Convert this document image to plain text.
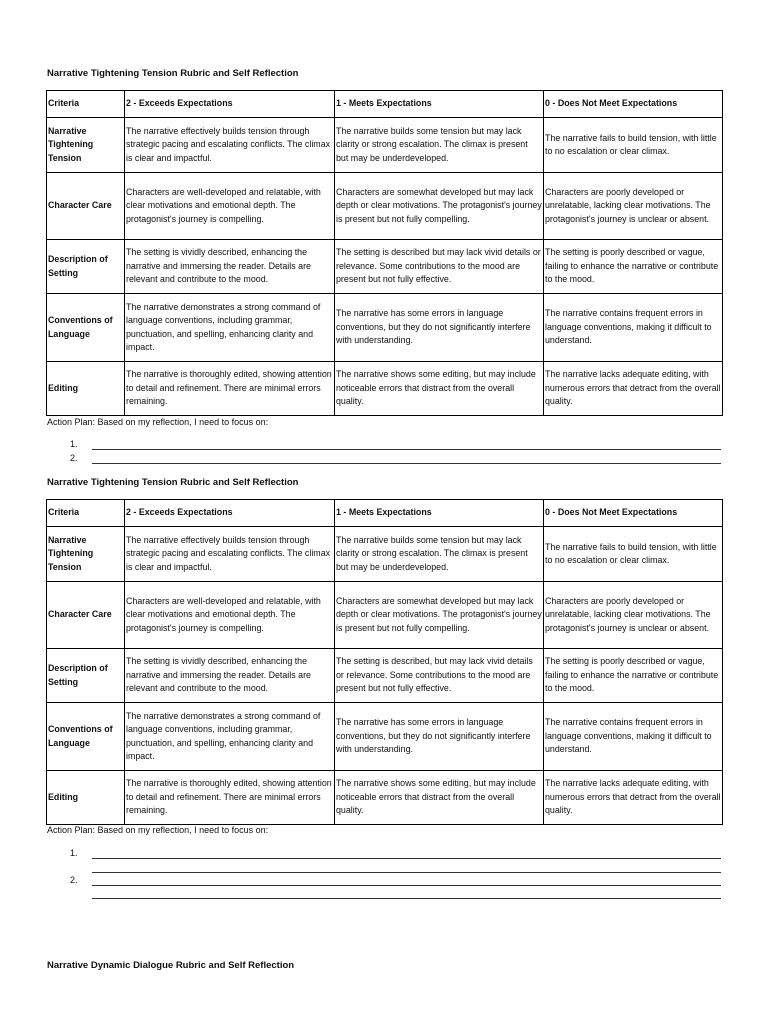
Narrative Tightening Tension Rubric and Self Reflection

Criteria	2 - Exceeds Expectations	1 - Meets Expectations	0 - Does Not Meet Expectations
Narrative Tightening Tension	The narrative effectively builds tension through strategic pacing and escalating conflicts. The climax is clear and impactful.	The narrative builds some tension but may lack clarity or strong escalation. The climax is present but may be underdeveloped.	The narrative fails to build tension, with little to no escalation or clear climax.
Character Care	Characters are well-developed and relatable, with clear motivations and emotional depth. The protagonist's journey is compelling.	Characters are somewhat developed but may lack depth or clear motivations. The protagonist's journey is present but not fully compelling.	Characters are poorly developed or unrelatable, lacking clear motivations. The protagonist's journey is unclear or absent.
Description of Setting	The setting is vividly described, enhancing the narrative and immersing the reader. Details are relevant and contribute to the mood.	The setting is described but may lack vivid details or relevance. Some contributions to the mood are present but not fully effective.	The setting is poorly described or vague, failing to enhance the narrative or contribute to the mood.
Conventions of Language	The narrative demonstrates a strong command of language conventions, including grammar, punctuation, and spelling, enhancing clarity and impact.	The narrative has some errors in language conventions, but they do not significantly interfere with understanding.	The narrative contains frequent errors in language conventions, making it difficult to understand.
Editing	The narrative is thoroughly edited, showing attention to detail and refinement. There are minimal errors remaining.	The narrative shows some editing, but may include noticeable errors that distract from the overall quality.	The narrative lacks adequate editing, with numerous errors that detract from the overall quality.

Action Plan: Based on my reflection, I need to focus on:

1.
2.

Narrative Tightening Tension Rubric and Self Reflection

Criteria	2 - Exceeds Expectations	1 - Meets Expectations	0 - Does Not Meet Expectations
Narrative Tightening Tension	The narrative effectively builds tension through strategic pacing and escalating conflicts. The climax is clear and impactful.	The narrative builds some tension but may lack clarity or strong escalation. The climax is present but may be underdeveloped.	The narrative fails to build tension, with little to no escalation or clear climax.
Character Care	Characters are well-developed and relatable, with clear motivations and emotional depth. The protagonist's journey is compelling.	Characters are somewhat developed but may lack depth or clear motivations. The protagonist's journey is present but not fully compelling.	Characters are poorly developed or unrelatable, lacking clear motivations. The protagonist's journey is unclear or absent.
Description of Setting	The setting is vividly described, enhancing the narrative and immersing the reader. Details are relevant and contribute to the mood.	The setting is described, but may lack vivid details or relevance. Some contributions to the mood are present but not fully effective.	The setting is poorly described or vague, failing to enhance the narrative or contribute to the mood.
Conventions of Language	The narrative demonstrates a strong command of language conventions, including grammar, punctuation, and spelling, enhancing clarity and impact.	The narrative has some errors in language conventions, but they do not significantly interfere with understanding.	The narrative contains frequent errors in language conventions, making it difficult to understand.
Editing	The narrative is thoroughly edited, showing attention to detail and refinement. There are minimal errors remaining.	The narrative shows some editing, but may include noticeable errors that distract from the overall quality.	The narrative lacks adequate editing, with numerous errors that detract from the overall quality.

Action Plan: Based on my reflection, I need to focus on:

1.
2.

Narrative Dynamic Dialogue Rubric and Self Reflection
